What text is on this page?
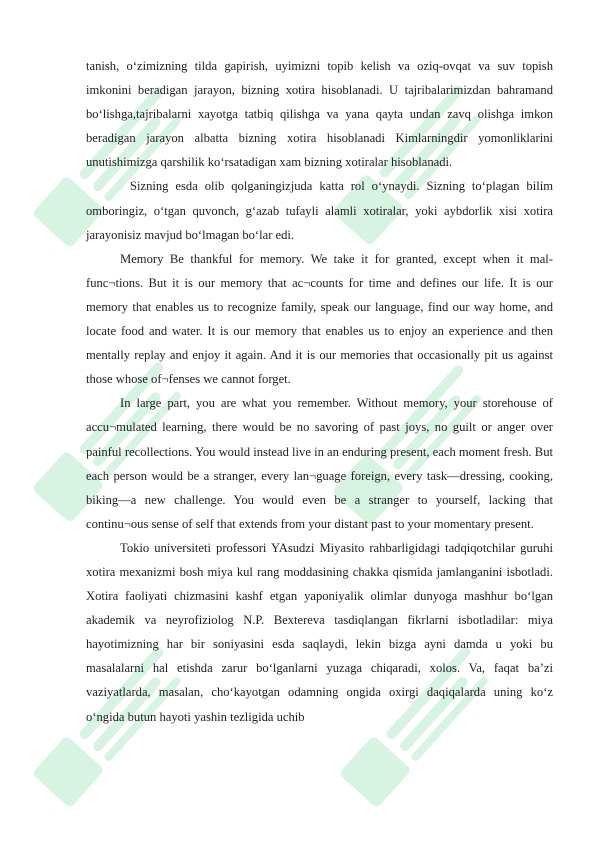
tanish, o‘zimizning tilda gapirish, uyimizni topib kelish va oziq-ovqat va suv topish imkonini beradigan jarayon, bizning xotira hisoblanadi. U tajribalarimizdan bahramand bo‘lishga,tajribalarni xayotga tatbiq qilishga va yana qayta undan zavq olishga imkon beradigan jarayon albatta bizning xotira hisoblanadi Kimlarningdir yomonliklarini unutishimizga qarshilik ko‘rsatadigan xam bizning xotiralar hisoblanadi.

Sizning esda olib qolganingizjuda katta rol o‘ynaydi. Sizning to‘plagan bilim omboringiz, o‘tgan quvonch, g‘azab tufayli alamli xotiralar, yoki aybdorlik xisi xotira jarayonisiz mavjud bo‘lmagan bo‘lar edi.

Memory Be thankful for memory. We take it for granted, except when it mal-func¬tions. But it is our memory that ac¬counts for time and defines our life. It is our memory that enables us to recognize family, speak our language, find our way home, and locate food and water. It is our memory that enables us to enjoy an experience and then mentally replay and enjoy it again. And it is our memories that occasionally pit us against those whose of¬fenses we cannot forget.

In large part, you are what you remember. Without memory, your storehouse of accu¬mulated learning, there would be no savoring of past joys, no guilt or anger over painful recollections. You would instead live in an enduring present, each moment fresh. But each person would be a stranger, every lan¬guage foreign, every task—dressing, cooking, biking—a new challenge. You would even be a stranger to yourself, lacking that continu¬ous sense of self that extends from your distant past to your momentary present.

Tokio universiteti professori YAsudzi Miyasito rahbarligidagi tadqiqotchilar guruhi xotira mexanizmi bosh miya kul rang moddasining chakka qismida jamlanganini isbotladi. Xotira faoliyati chizmasini kashf etgan yaponiyalik olimlar dunyoga mashhur bo‘lgan akademik va neyrofiziolog N.P. Bextereva tasdiqlangan fikrlarni isbotladilar: miya hayotimizning har bir soniyasini esda saqlaydi, lekin bizga ayni damda u yoki bu masalalarni hal etishda zarur bo‘lganlarni yuzaga chiqaradi, xolos. Va, faqat ba’zi vaziyatlarda, masalan, cho‘kayotgan odamning ongida oxirgi daqiqalarda uning ko‘z o‘ngida butun hayoti yashin tezligida uchib
